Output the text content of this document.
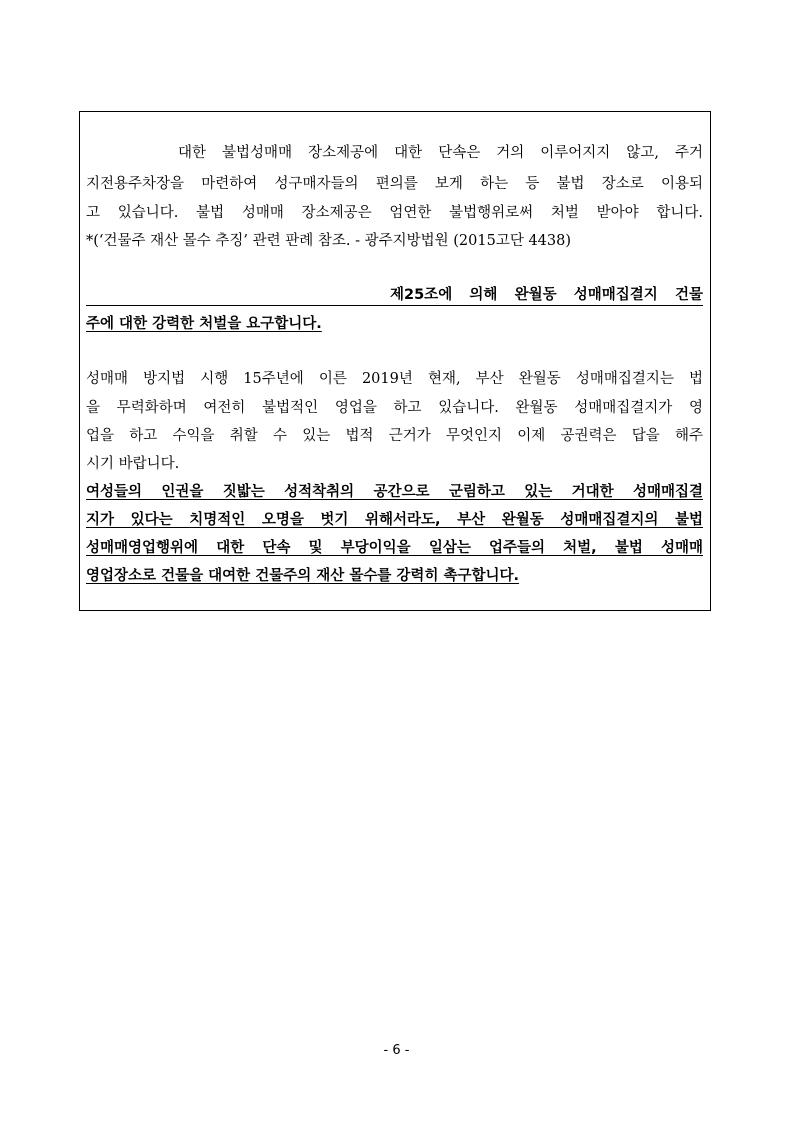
대한 불법성매매 장소제공에 대한 단속은 거의 이루어지지 않고, 주거
지전용주차장을 마련하여 성구매자들의 편의를 보게 하는 등 불법 장소로 이용되
고 있습니다. 불법 성매매 장소제공은 엄연한 불법행위로써 처벌 받아야 합니다.
*(‘건물주 재산 몰수 추징’ 관련 판례 참조. - 광주지방법원 (2015고단 4438)
제25조에 의해 완월동 성매매집결지 건물
주에 대한 강력한 처벌을 요구합니다.
성매매 방지법 시행 15주년에 이른 2019년 현재, 부산 완월동 성매매집결지는 법
을 무력화하며 여전히 불법적인 영업을 하고 있습니다. 완월동 성매매집결지가 영
업을 하고 수익을 취할 수 있는 법적 근거가 무엇인지 이제 공권력은 답을 해주
시기 바랍니다.
여성들의 인권을 짓밟는 성적착취의 공간으로 군림하고 있는 거대한 성매매집결
지가 있다는 치명적인 오명을 벗기 위해서라도, 부산 완월동 성매매집결지의 불법
성매매영업행위에 대한 단속 및 부당이익을 일삼는 업주들의 처벌, 불법 성매매
영업장소로 건물을 대여한 건물주의 재산 몰수를 강력히 촉구합니다.
- 6 -
